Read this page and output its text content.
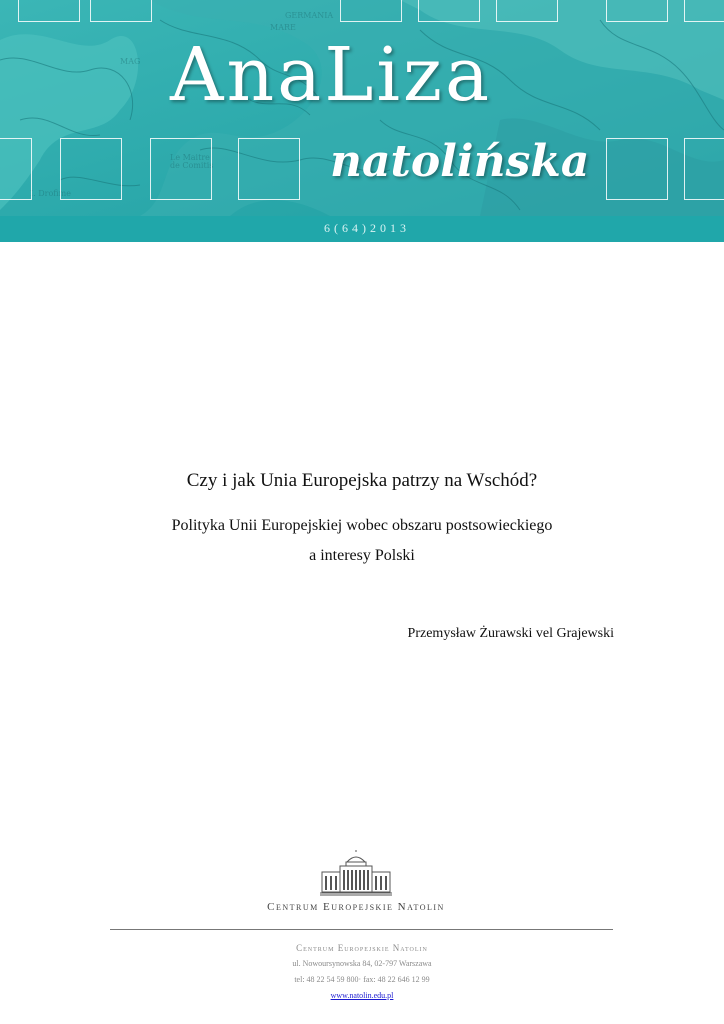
GERMANIA
MARE
Le Maitre
de Comitis
I. Drofime
MAG AnaLiza
natolińska
6(64)2013
Czy i jak Unia Europejska patrzy na Wschód?
Polityka Unii Europejskiej wobec obszaru postsowieckiego
a interesy Polski
Przemysław Żurawski vel Grajewski
Centrum Europejskie Natolin
Centrum Europejskie Natolin
ul. Nowoursynowska 84, 02-797 Warszawa
tel: 48 22 54 59 800· fax: 48 22 646 12 99
www.natolin.edu.pl
